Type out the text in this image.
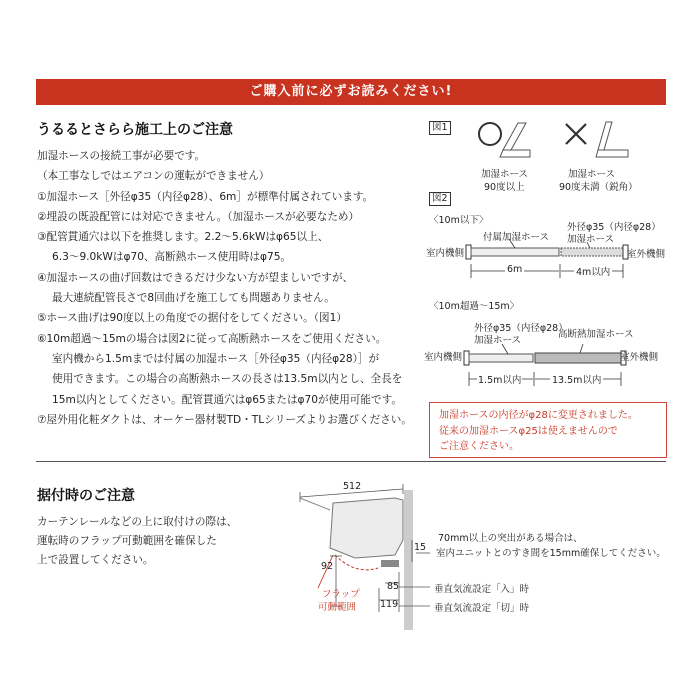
ご購入前に必ずお読みください!
うるるとさらら施工上のご注意
加湿ホースの接続工事が必要です。
（本工事なしではエアコンの運転ができません）
①加湿ホース［外径φ35（内径φ28）、6m］が標準付属されています。
②埋設の既設配管には対応できません。（加湿ホースが必要なため）
③配管貫通穴は以下を推奨します。2.2〜5.6kWはφ65以上、
6.3〜9.0kWはφ70、高断熱ホース使用時はφ75。
④加湿ホースの曲げ回数はできるだけ少ない方が望ましいですが、
最大連続配管長さで8回曲げを施工しても問題ありません。
⑤ホース曲げは90度以上の角度での据付をしてください。（図1）
⑥10m超過〜15mの場合は図2に従って高断熱ホースをご使用ください。
室内機から1.5mまでは付属の加湿ホース［外径φ35（内径φ28）］が
使用できます。この場合の高断熱ホースの長さは13.5m以内とし、全長を
15m以内としてください。配管貫通穴はφ65またはφ70が使用可能です。
⑦屋外用化粧ダクトは、オーケー器材製TD・TLシリーズよりお選びください。
図1
加湿ホース
90度以上
加湿ホース
90度未満（鋭角）
図2
〈10m以下〉
付属加湿ホース
外径φ35（内径φ28）
加湿ホース
室内機側	室外機側
6m	4m以内
〈10m超過〜15m〉
外径φ35（内径φ28）
加湿ホース
高断熱加湿ホース
室内機側	室外機側
1.5m以内	13.5m以内
加湿ホースの内径がφ28に変更されました。
従来の加湿ホースφ25は使えませんので
ご注意ください。
据付時のご注意
カーテンレールなどの上に取付けの際は、
運転時のフラップ可動範囲を確保した
上で設置してください。
512
15
92
85
119
フラップ
可動範囲
70mm以上の突出がある場合は、
室内ユニットとのすき間を15mm確保してください。
垂直気流設定「入」時
垂直気流設定「切」時
